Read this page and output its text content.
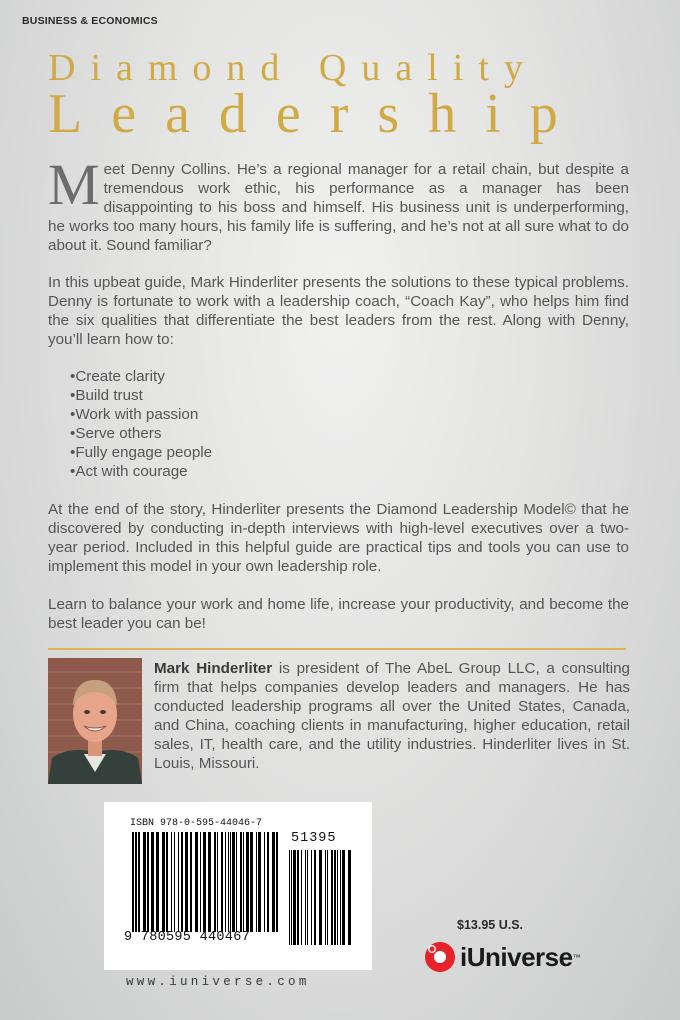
BUSINESS & ECONOMICS
Diamond Quality
Leadership

Meet Denny Collins. He’s a regional manager for a retail chain, but despite a tremendous work ethic, his performance as a manager has been disappointing to his boss and himself. His business unit is underperforming, he works too many hours, his family life is suffering, and he’s not at all sure what to do about it. Sound familiar?

In this upbeat guide, Mark Hinderliter presents the solutions to these typical problems. Denny is fortunate to work with a leadership coach, “Coach Kay”, who helps him find the six qualities that differentiate the best leaders from the rest. Along with Denny, you’ll learn how to:

• Create clarity
• Build trust
• Work with passion
• Serve others
• Fully engage people
• Act with courage

At the end of the story, Hinderliter presents the Diamond Leadership Model© that he discovered by conducting in-depth interviews with high-level executives over a two-year period. Included in this helpful guide are practical tips and tools you can use to implement this model in your own leadership role.

Learn to balance your work and home life, increase your productivity, and become the best leader you can be!

Mark Hinderliter is president of The AbeL Group LLC, a consulting firm that helps companies develop leaders and managers. He has conducted leadership programs all over the United States, Canada, and China, coaching clients in manufacturing, higher education, retail sales, IT, health care, and the utility industries. Hinderliter lives in St. Louis, Missouri.

ISBN 978-0-595-44046-7
51395
9 780595 440467
www.iuniverse.com
$13.95 U.S.
iUniverse ™
